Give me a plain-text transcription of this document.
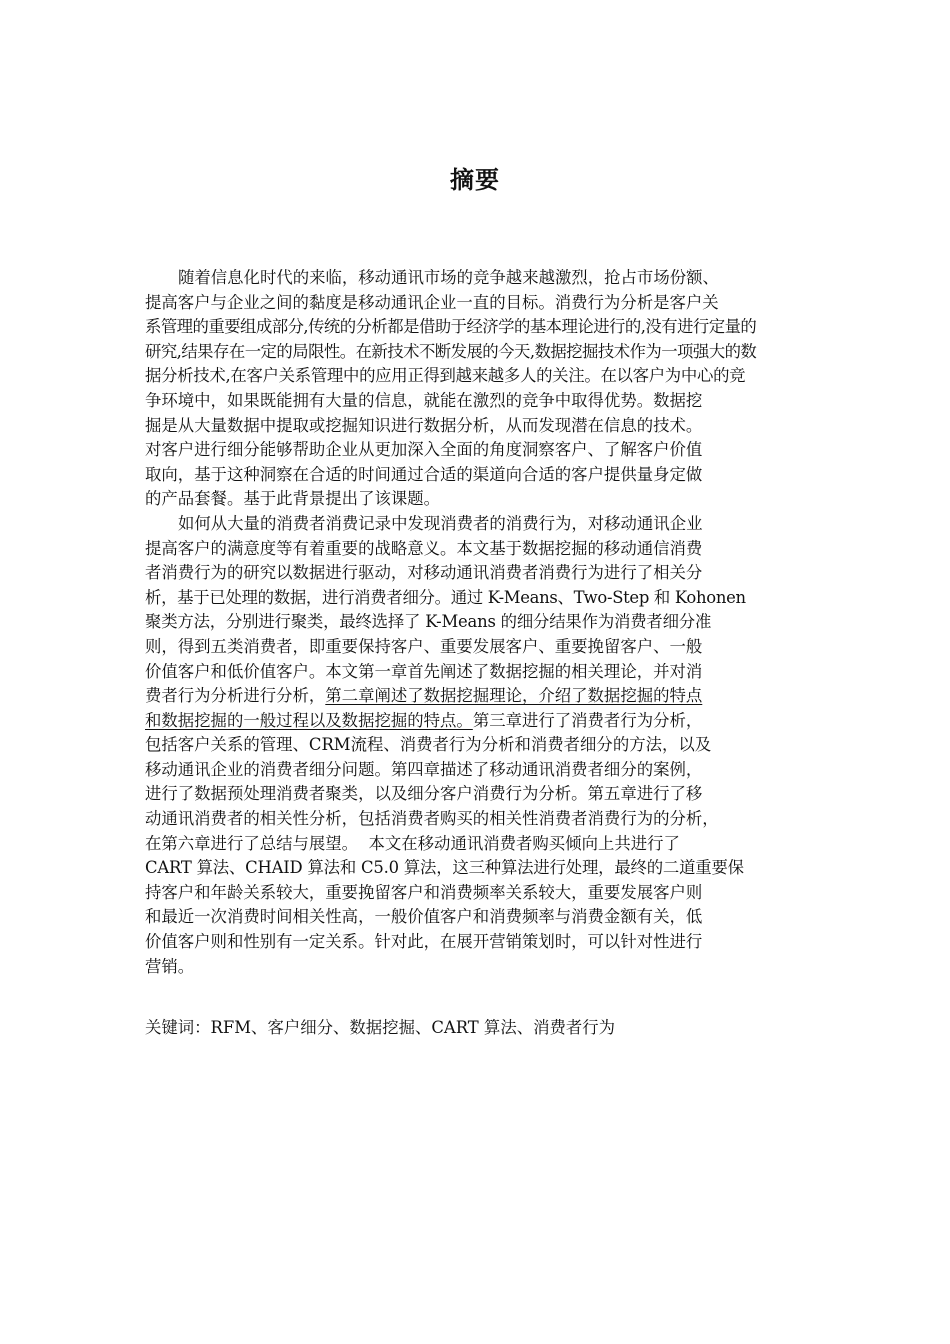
摘要
随着信息化时代的来临，移动通讯市场的竞争越来越激烈，抢占市场份额、
提高客户与企业之间的黏度是移动通讯企业一直的目标。消费行为分析是客户关
系管理的重要组成部分,传统的分析都是借助于经济学的基本理论进行的,没有进行定量的
研究,结果存在一定的局限性。在新技术不断发展的今天,数据挖掘技术作为一项强大的数
据分析技术,在客户关系管理中的应用正得到越来越多人的关注。在以客户为中心的竞
争环境中，如果既能拥有大量的信息，就能在激烈的竞争中取得优势。数据挖
掘是从大量数据中提取或挖掘知识进行数据分析，从而发现潜在信息的技术。
对客户进行细分能够帮助企业从更加深入全面的角度洞察客户、了解客户价值
取向，基于这种洞察在合适的时间通过合适的渠道向合适的客户提供量身定做
的产品套餐。基于此背景提出了该课题。
如何从大量的消费者消费记录中发现消费者的消费行为，对移动通讯企业
提高客户的满意度等有着重要的战略意义。本文基于数据挖掘的移动通信消费
者消费行为的研究以数据进行驱动，对移动通讯消费者消费行为进行了相关分
析，基于已处理的数据，进行消费者细分。通过 K-Means、Two-Step 和 Kohonen
聚类方法，分别进行聚类，最终选择了 K-Means 的细分结果作为消费者细分准
则，得到五类消费者，即重要保持客户、重要发展客户、重要挽留客户、一般
价值客户和低价值客户。本文第一章首先阐述了数据挖掘的相关理论，并对消
费者行为分析进行分析，第二章阐述了数据挖掘理论，介绍了数据挖掘的特点
和数据挖掘的一般过程以及数据挖掘的特点。第三章进行了消费者行为分析，
包括客户关系的管理、CRM流程、消费者行为分析和消费者细分的方法，以及
移动通讯企业的消费者细分问题。第四章描述了移动通讯消费者细分的案例，
进行了数据预处理消费者聚类，以及细分客户消费行为分析。第五章进行了移
动通讯消费者的相关性分析，包括消费者购买的相关性消费者消费行为的分析，
在第六章进行了总结与展望。  本文在移动通讯消费者购买倾向上共进行了
CART 算法、CHAID 算法和 C5.0 算法，这三种算法进行处理，最终的二道重要保
持客户和年龄关系较大，重要挽留客户和消费频率关系较大，重要发展客户则
和最近一次消费时间相关性高，一般价值客户和消费频率与消费金额有关，低
价值客户则和性别有一定关系。针对此，在展开营销策划时，可以针对性进行
营销。
关键词：RFM、客户细分、数据挖掘、CART 算法、消费者行为
